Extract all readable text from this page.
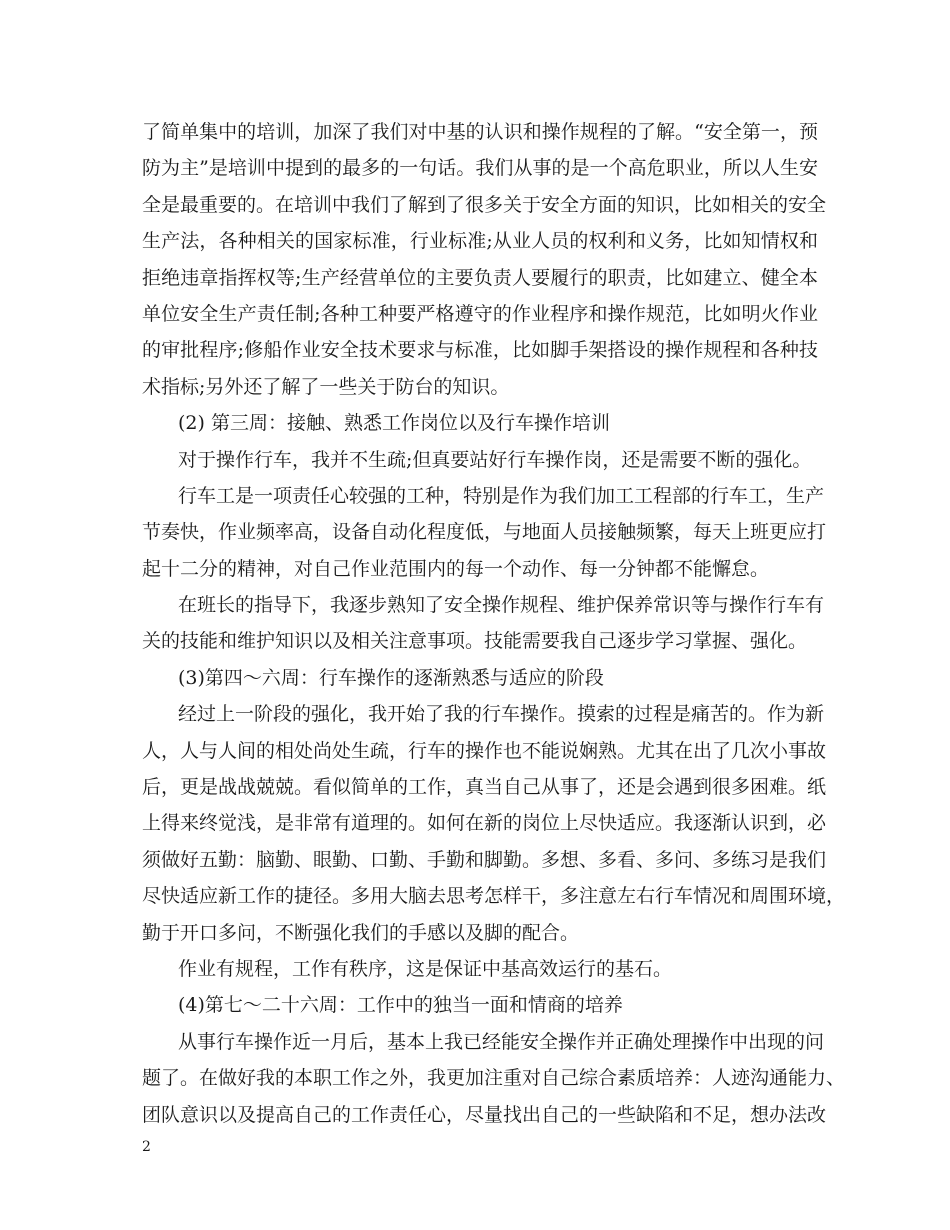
了简单集中的培训，加深了我们对中基的认识和操作规程的了解。“安全第一，预
防为主”是培训中提到的最多的一句话。我们从事的是一个高危职业，所以人生安
全是最重要的。在培训中我们了解到了很多关于安全方面的知识，比如相关的安全
生产法，各种相关的国家标准，行业标准;从业人员的权利和义务，比如知情权和
拒绝违章指挥权等;生产经营单位的主要负责人要履行的职责，比如建立、健全本
单位安全生产责任制;各种工种要严格遵守的作业程序和操作规范，比如明火作业
的审批程序;修船作业安全技术要求与标准，比如脚手架搭设的操作规程和各种技
术指标;另外还了解了一些关于防台的知识。
(2) 第三周：接触、熟悉工作岗位以及行车操作培训
对于操作行车，我并不生疏;但真要站好行车操作岗，还是需要不断的强化。
行车工是一项责任心较强的工种，特别是作为我们加工工程部的行车工，生产
节奏快，作业频率高，设备自动化程度低，与地面人员接触频繁，每天上班更应打
起十二分的精神，对自己作业范围内的每一个动作、每一分钟都不能懈怠。
在班长的指导下，我逐步熟知了安全操作规程、维护保养常识等与操作行车有
关的技能和维护知识以及相关注意事项。技能需要我自己逐步学习掌握、强化。
(3)第四～六周：行车操作的逐渐熟悉与适应的阶段
经过上一阶段的强化，我开始了我的行车操作。摸索的过程是痛苦的。作为新
人，人与人间的相处尚处生疏，行车的操作也不能说娴熟。尤其在出了几次小事故
后，更是战战兢兢。看似简单的工作，真当自己从事了，还是会遇到很多困难。纸
上得来终觉浅，是非常有道理的。如何在新的岗位上尽快适应。我逐渐认识到，必
须做好五勤：脑勤、眼勤、口勤、手勤和脚勤。多想、多看、多问、多练习是我们
尽快适应新工作的捷径。多用大脑去思考怎样干，多注意左右行车情况和周围环境，
勤于开口多问，不断强化我们的手感以及脚的配合。
作业有规程，工作有秩序，这是保证中基高效运行的基石。
(4)第七～二十六周：工作中的独当一面和情商的培养
从事行车操作近一月后，基本上我已经能安全操作并正确处理操作中出现的问
题了。在做好我的本职工作之外，我更加注重对自己综合素质培养：人迹沟通能力、
团队意识以及提高自己的工作责任心，尽量找出自己的一些缺陷和不足，想办法改
2
